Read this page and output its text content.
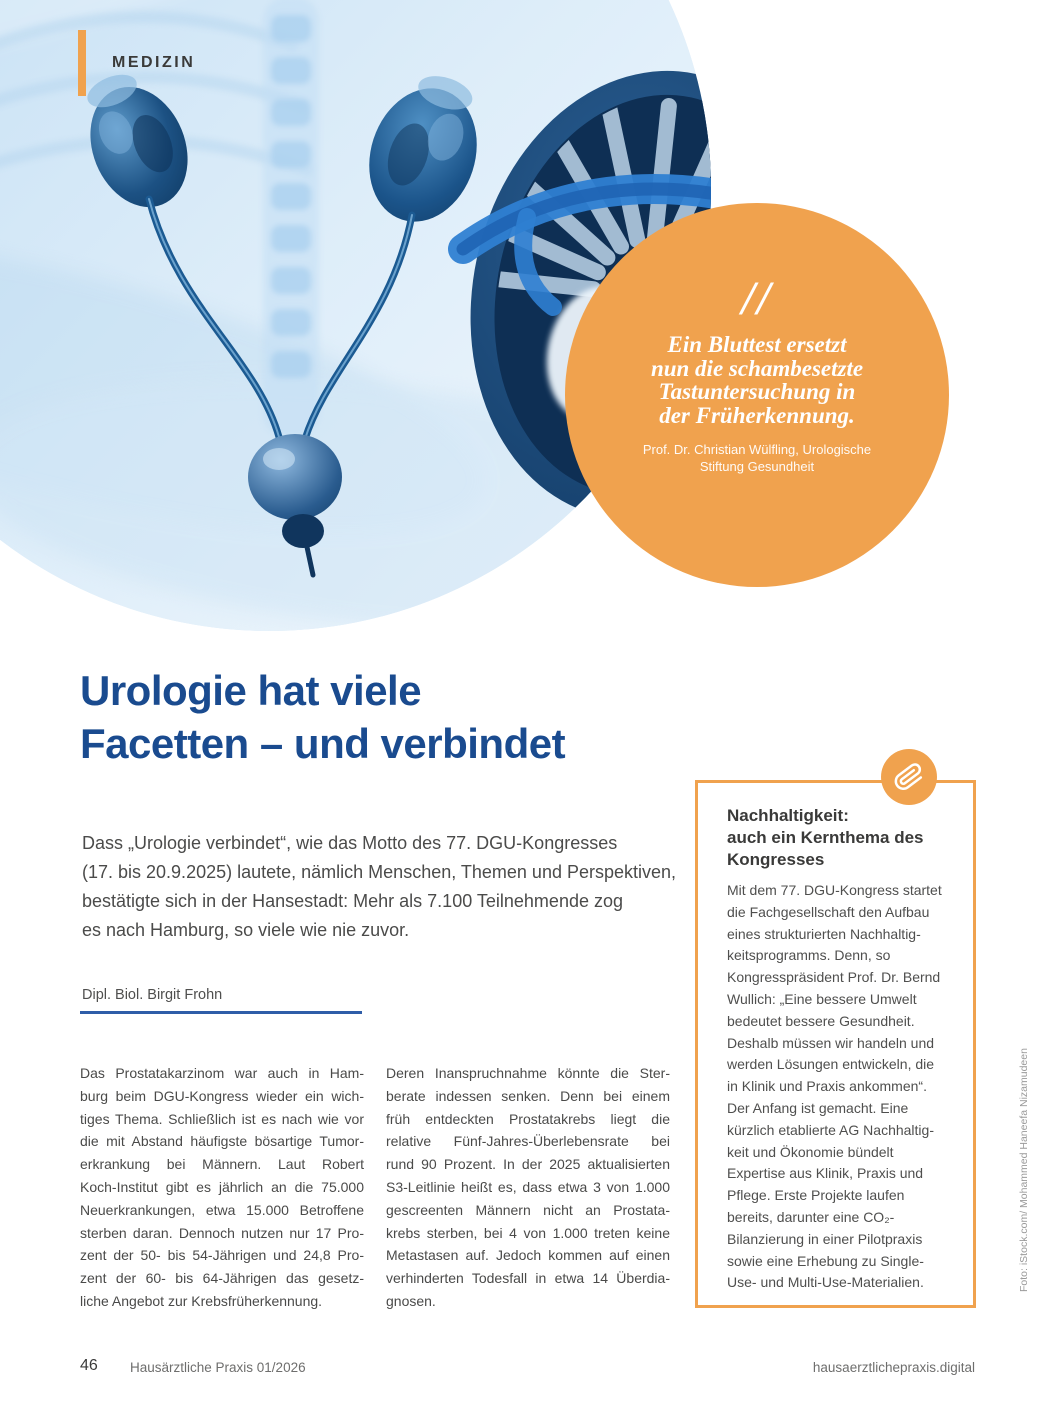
MEDIZIN
//
Ein Bluttest ersetzt
nun die schambesetzte
Tastuntersuchung in
der Früherkennung.
Prof. Dr. Christian Wülfling, Urologische
Stiftung Gesundheit
Urologie hat viele
Facetten – und verbindet
Dass „Urologie verbindet“, wie das Motto des 77. DGU-Kongresses
(17. bis 20.9.2025) lautete, nämlich Menschen, Themen und Perspektiven,
bestätigte sich in der Hansestadt: Mehr als 7.100 Teilnehmende zog
es nach Hamburg, so viele wie nie zuvor.
Dipl. Biol. Birgit Frohn
Das Prostatakarzinom war auch in Ham-
burg beim DGU-Kongress wieder ein wich-
tiges Thema. Schließlich ist es nach wie vor
die mit Abstand häufigste bösartige Tumor-
erkrankung bei Männern. Laut Robert
Koch-Institut gibt es jährlich an die 75.000
Neuerkrankungen, etwa 15.000 Betroffene
sterben daran. Dennoch nutzen nur 17 Pro-
zent der 50- bis 54-Jährigen und 24,8 Pro-
zent der 60- bis 64-Jährigen das gesetz-
liche Angebot zur Krebsfrüherkennung.
Deren Inanspruchnahme könnte die Ster-
berate indessen senken. Denn bei einem
früh entdeckten Prostatakrebs liegt die
relative Fünf-Jahres-Überlebensrate bei
rund 90 Prozent. In der 2025 aktualisierten
S3-Leitlinie heißt es, dass etwa 3 von 1.000
gescreenten Männern nicht an Prostata-
krebs sterben, bei 4 von 1.000 treten keine
Metastasen auf. Jedoch kommen auf einen
verhinderten Todesfall in etwa 14 Überdia-
gnosen.
Nachhaltigkeit:
auch ein Kernthema des
Kongresses
Mit dem 77. DGU-Kongress startet
die Fachgesellschaft den Aufbau
eines strukturierten Nachhaltig-
keitsprogramms. Denn, so
Kongresspräsident Prof. Dr. Bernd
Wullich: „Eine bessere Umwelt
bedeutet bessere Gesundheit.
Deshalb müssen wir handeln und
werden Lösungen entwickeln, die
in Klinik und Praxis ankommen“.
Der Anfang ist gemacht. Eine
kürzlich etablierte AG Nachhaltig-
keit und Ökonomie bündelt
Expertise aus Klinik, Praxis und
Pflege. Erste Projekte laufen
bereits, darunter eine CO₂-
Bilanzierung in einer Pilotpraxis
sowie eine Erhebung zu Single-
Use- und Multi-Use-Materialien.
46 Hausärztliche Praxis 01/2026	hausaerztlichepraxis.digital
Foto: iStock.com/ Mohammed Haneefa Nizamudeen
